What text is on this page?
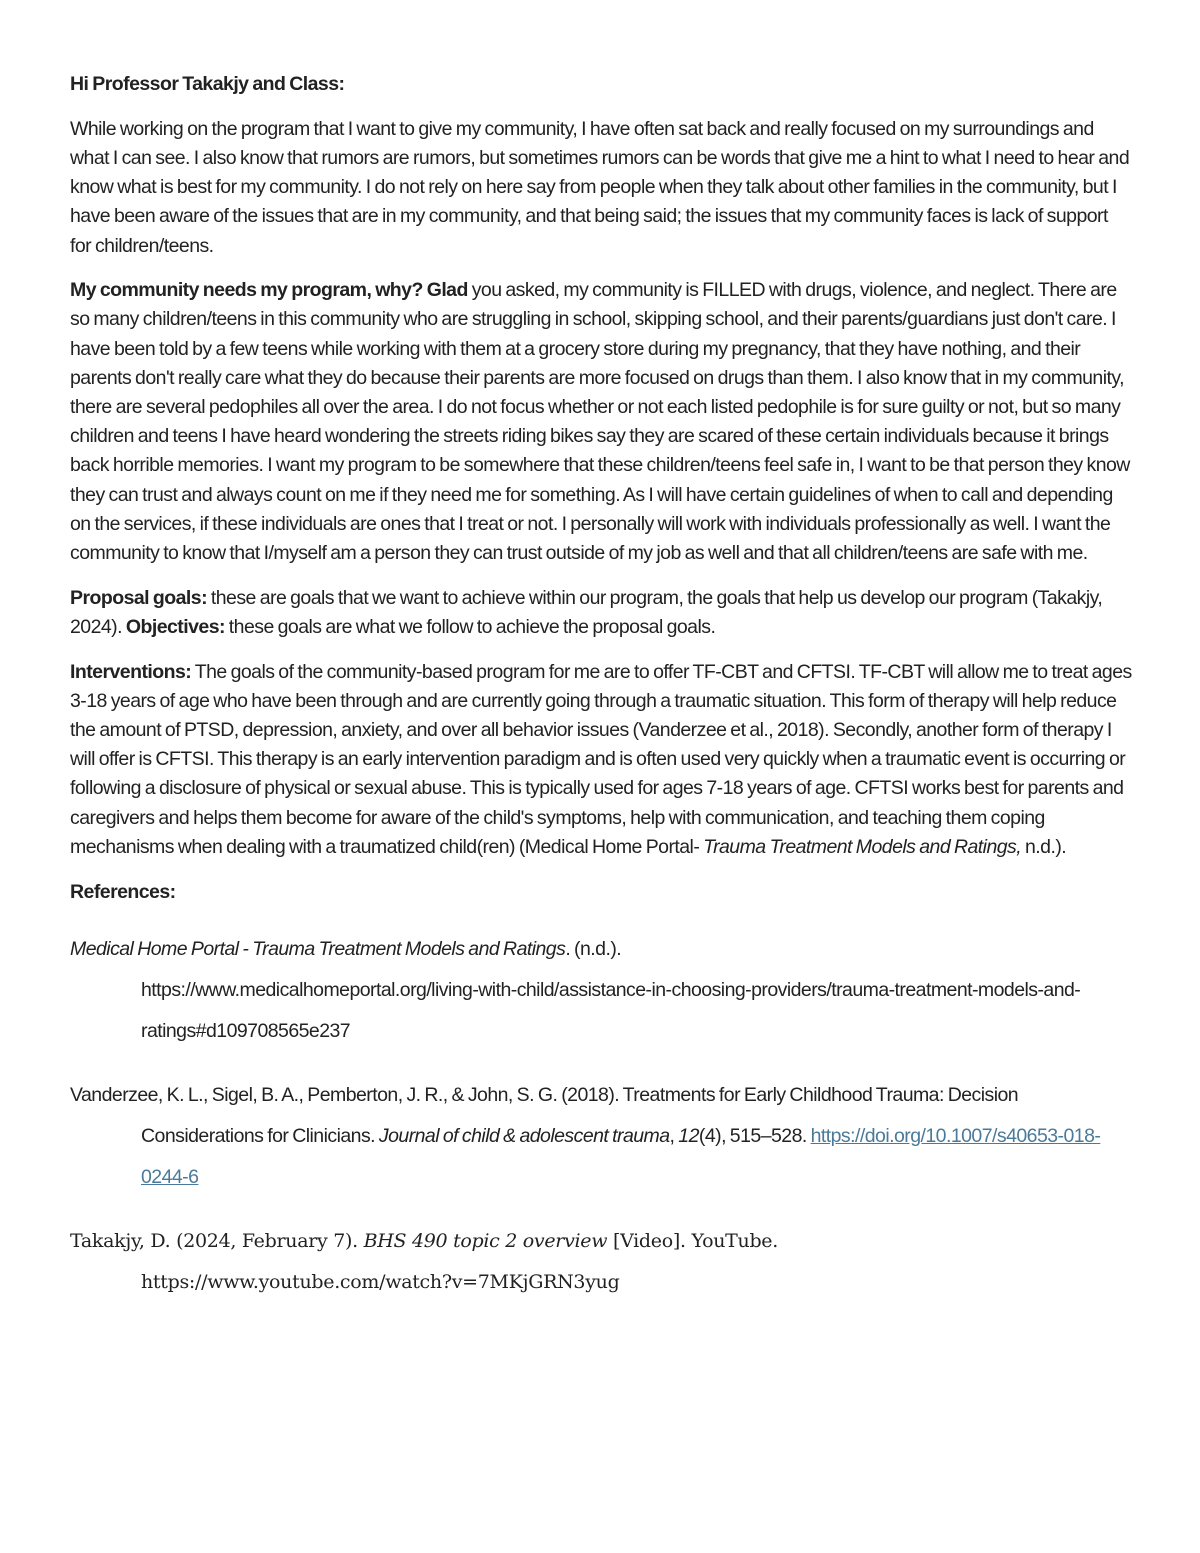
Hi Professor Takakjy and Class:

While working on the program that I want to give my community, I have often sat back and really focused on my surroundings and what I can see. I also know that rumors are rumors, but sometimes rumors can be words that give me a hint to what I need to hear and know what is best for my community. I do not rely on here say from people when they talk about other families in the community, but I have been aware of the issues that are in my community, and that being said; the issues that my community faces is lack of support for children/teens.

My community needs my program, why? Glad you asked, my community is FILLED with drugs, violence, and neglect. There are so many children/teens in this community who are struggling in school, skipping school, and their parents/guardians just don't care. I have been told by a few teens while working with them at a grocery store during my pregnancy, that they have nothing, and their parents don't really care what they do because their parents are more focused on drugs than them. I also know that in my community, there are several pedophiles all over the area. I do not focus whether or not each listed pedophile is for sure guilty or not, but so many children and teens I have heard wondering the streets riding bikes say they are scared of these certain individuals because it brings back horrible memories. I want my program to be somewhere that these children/teens feel safe in, I want to be that person they know they can trust and always count on me if they need me for something. As I will have certain guidelines of when to call and depending on the services, if these individuals are ones that I treat or not. I personally will work with individuals professionally as well. I want the community to know that I/myself am a person they can trust outside of my job as well and that all children/teens are safe with me.

Proposal goals: these are goals that we want to achieve within our program, the goals that help us develop our program (Takakjy, 2024). Objectives: these goals are what we follow to achieve the proposal goals.

Interventions: The goals of the community-based program for me are to offer TF-CBT and CFTSI. TF-CBT will allow me to treat ages 3-18 years of age who have been through and are currently going through a traumatic situation. This form of therapy will help reduce the amount of PTSD, depression, anxiety, and over all behavior issues (Vanderzee et al., 2018). Secondly, another form of therapy I will offer is CFTSI. This therapy is an early intervention paradigm and is often used very quickly when a traumatic event is occurring or following a disclosure of physical or sexual abuse. This is typically used for ages 7-18 years of age. CFTSI works best for parents and caregivers and helps them become for aware of the child's symptoms, help with communication, and teaching them coping mechanisms when dealing with a traumatized child(ren) (Medical Home Portal- Trauma Treatment Models and Ratings, n.d.).

References:

Medical Home Portal - Trauma Treatment Models and Ratings. (n.d.).
https://www.medicalhomeportal.org/living-with-child/assistance-in-choosing-providers/trauma-treatment-models-and-ratings#d109708565e237

Vanderzee, K. L., Sigel, B. A., Pemberton, J. R., & John, S. G. (2018). Treatments for Early Childhood Trauma: Decision Considerations for Clinicians. Journal of child & adolescent trauma, 12(4), 515–528. https://doi.org/10.1007/s40653-018-0244-6

Takakjy, D. (2024, February 7). BHS 490 topic 2 overview [Video]. YouTube.
https://www.youtube.com/watch?v=7MKjGRN3yug
